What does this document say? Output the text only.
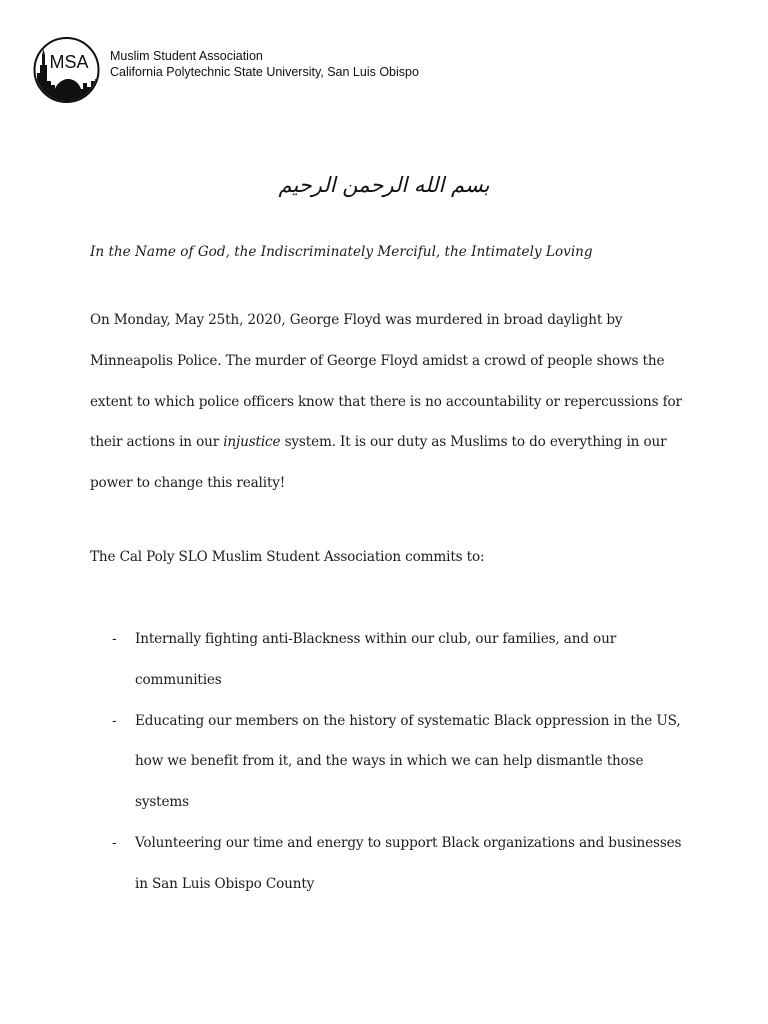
MSA Muslim Student Association
California Polytechnic State University, San Luis Obispo
بسم الله الرحمن الرحيم
In the Name of God, the Indiscriminately Merciful, the Intimately Loving
On Monday, May 25th, 2020, George Floyd was murdered in broad daylight by
Minneapolis Police. The murder of George Floyd amidst a crowd of people shows the
extent to which police officers know that there is no accountability or repercussions for
their actions in our injustice system. It is our duty as Muslims to do everything in our
power to change this reality!
The Cal Poly SLO Muslim Student Association commits to:
- Internally fighting anti-Blackness within our club, our families, and our
communities
- Educating our members on the history of systematic Black oppression in the US,
how we benefit from it, and the ways in which we can help dismantle those
systems
- Volunteering our time and energy to support Black organizations and businesses
in San Luis Obispo County
